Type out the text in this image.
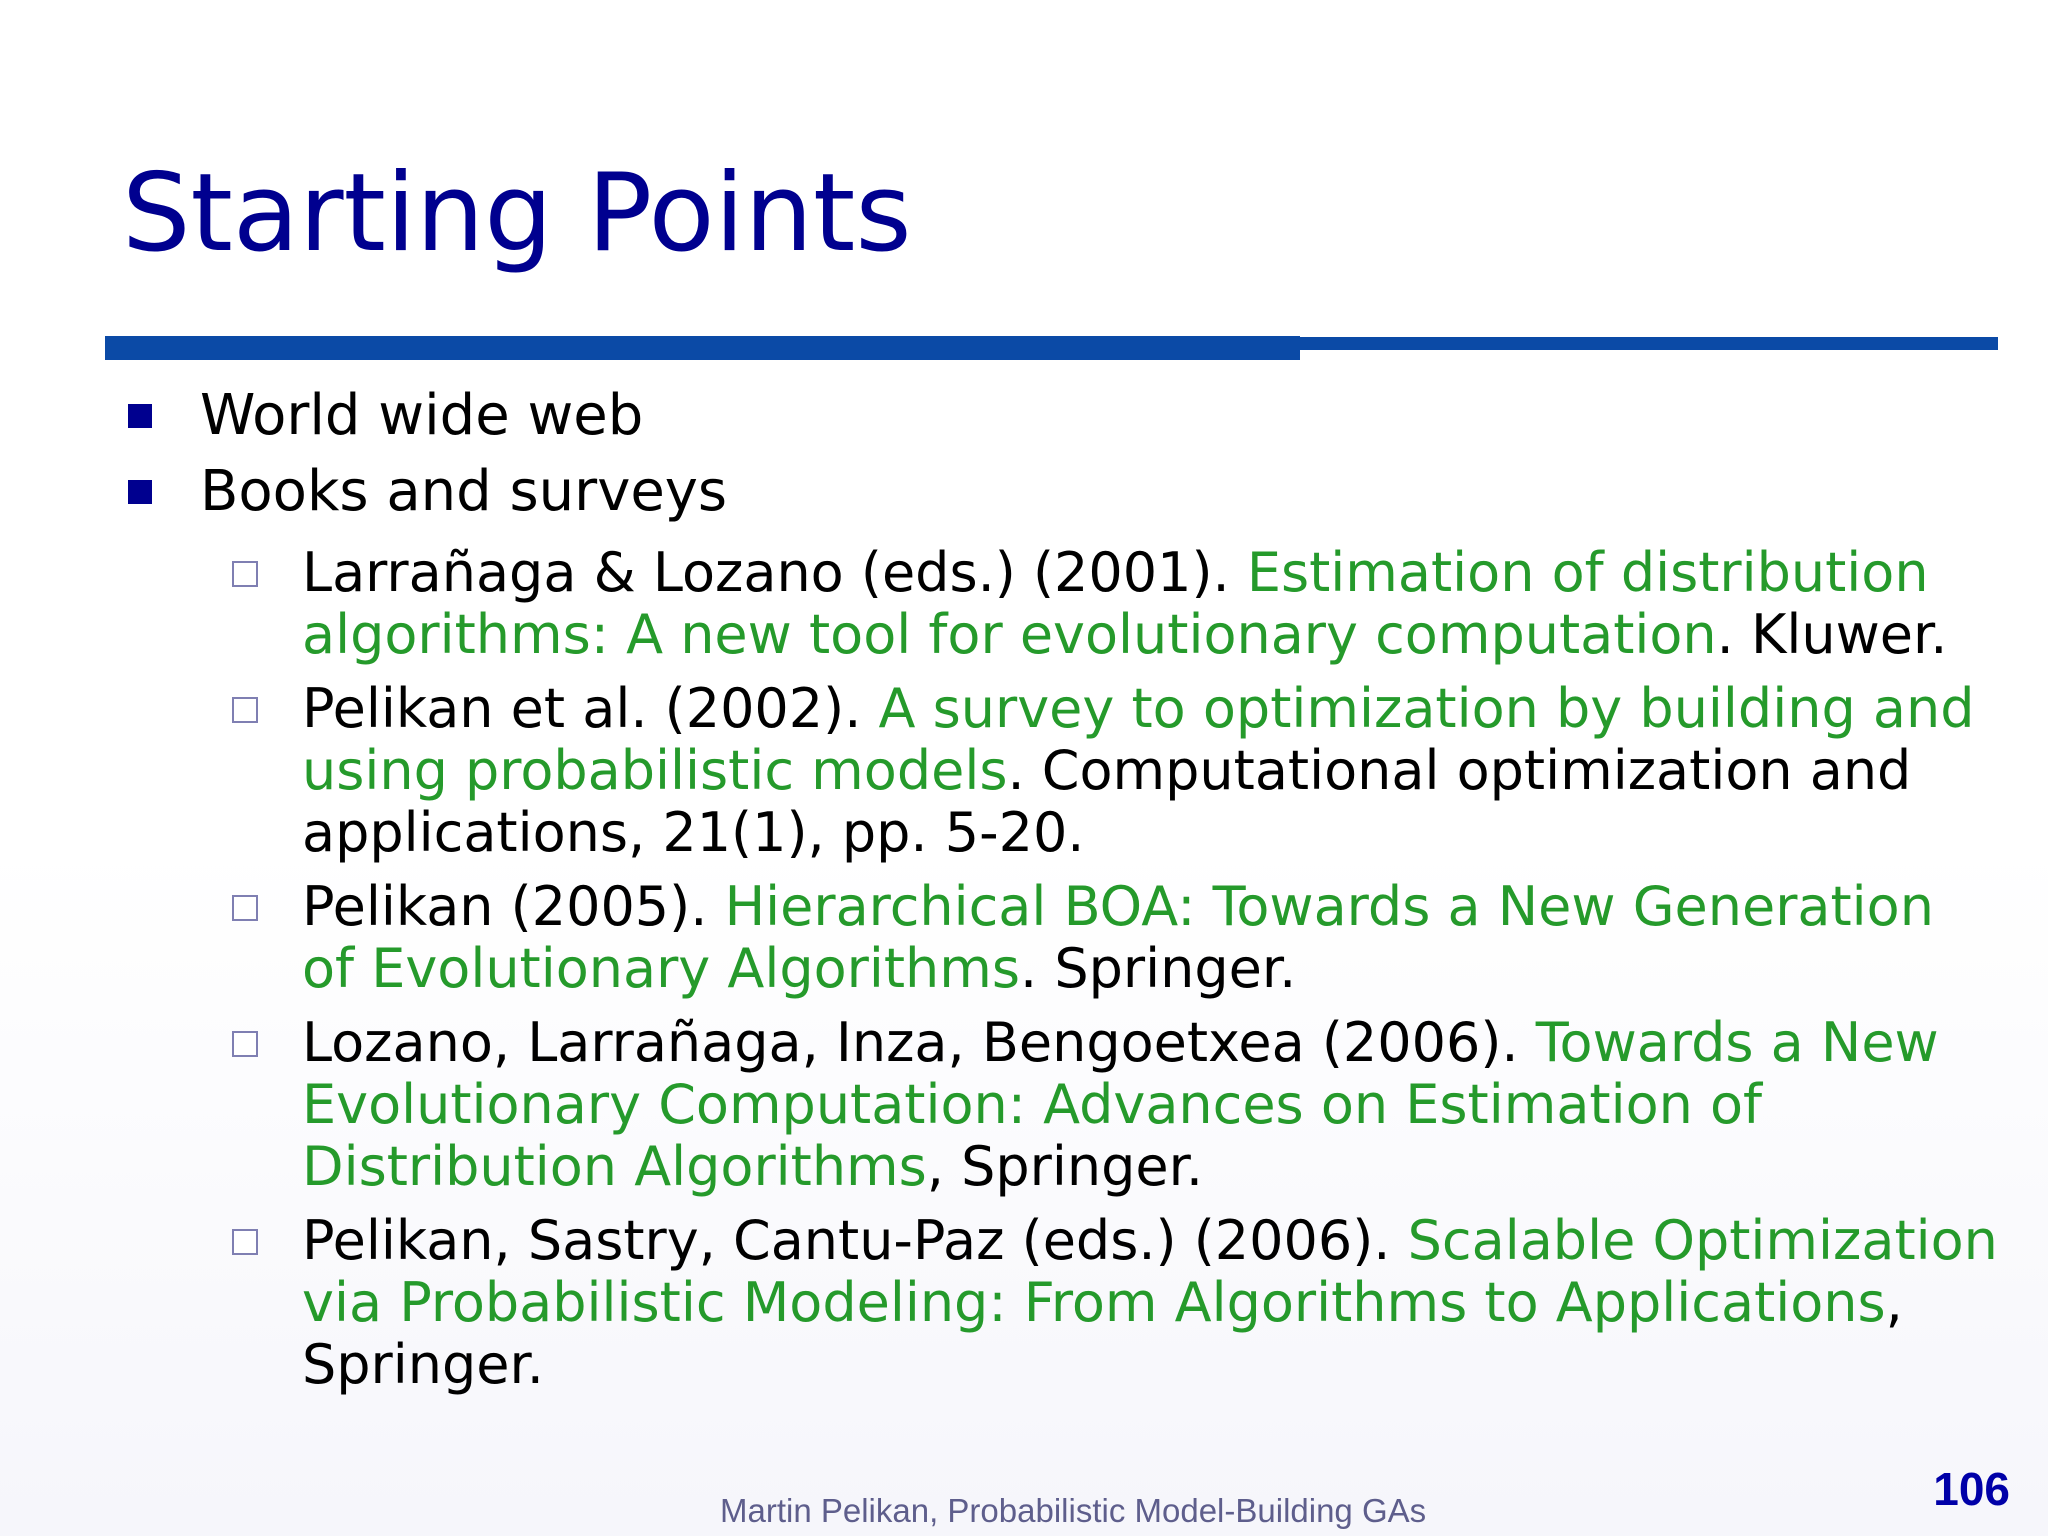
Starting Points
World wide web
Books and surveys
Larrañaga & Lozano (eds.) (2001). Estimation of distribution algorithms: A new tool for evolutionary computation. Kluwer.
Pelikan et al. (2002). A survey to optimization by building and using probabilistic models. Computational optimization and applications, 21(1), pp. 5-20.
Pelikan (2005). Hierarchical BOA: Towards a New Generation of Evolutionary Algorithms. Springer.
Lozano, Larrañaga, Inza, Bengoetxea (2006). Towards a New Evolutionary Computation: Advances on Estimation of Distribution Algorithms, Springer.
Pelikan, Sastry, Cantu-Paz (eds.) (2006). Scalable Optimization via Probabilistic Modeling: From Algorithms to Applications, Springer.
Martin Pelikan, Probabilistic Model-Building GAs	106
